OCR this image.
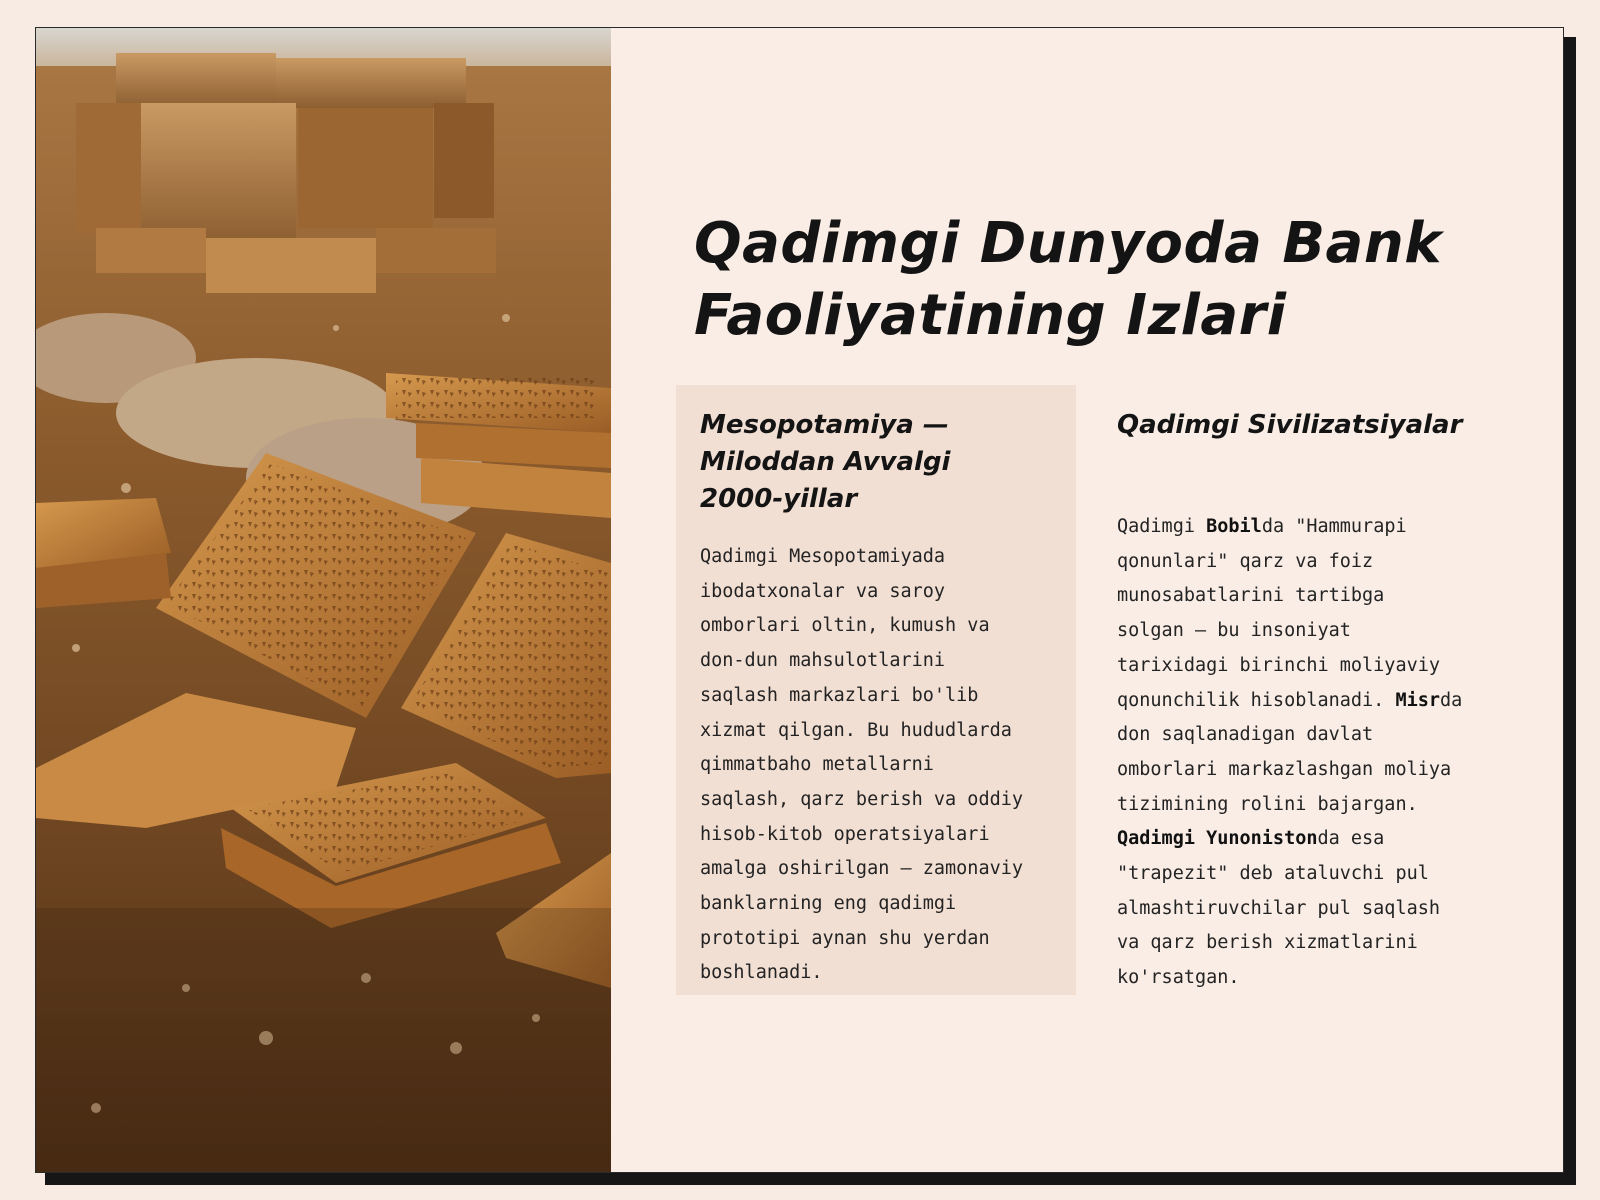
Qadimgi Dunyoda Bank
Faoliyatining Izlari
Mesopotamiya —
Miloddan Avvalgi
2000-yillar

Qadimgi Mesopotamiyada
ibodatxonalar va saroy
omborlari oltin, kumush va
don-dun mahsulotlarini
saqlash markazlari bo'lib
xizmat qilgan. Bu hududlarda
qimmatbaho metallarni
saqlash, qarz berish va oddiy
hisob-kitob operatsiyalari
amalga oshirilgan — zamonaviy
banklarning eng qadimgi
prototipi aynan shu yerdan
boshlanadi.

Qadimgi Sivilizatsiyalar

Qadimgi Bobilda "Hammurapi
qonunlari" qarz va foiz
munosabatlarini tartibga
solgan — bu insoniyat
tarixidagi birinchi moliyaviy
qonunchilik hisoblanadi. Misrda
don saqlanadigan davlat
omborlari markazlashgan moliya
tizimining rolini bajargan.
Qadimgi Yunonistonda esa
"trapezit" deb ataluvchi pul
almashtiruvchilar pul saqlash
va qarz berish xizmatlarini
ko'rsatgan.
